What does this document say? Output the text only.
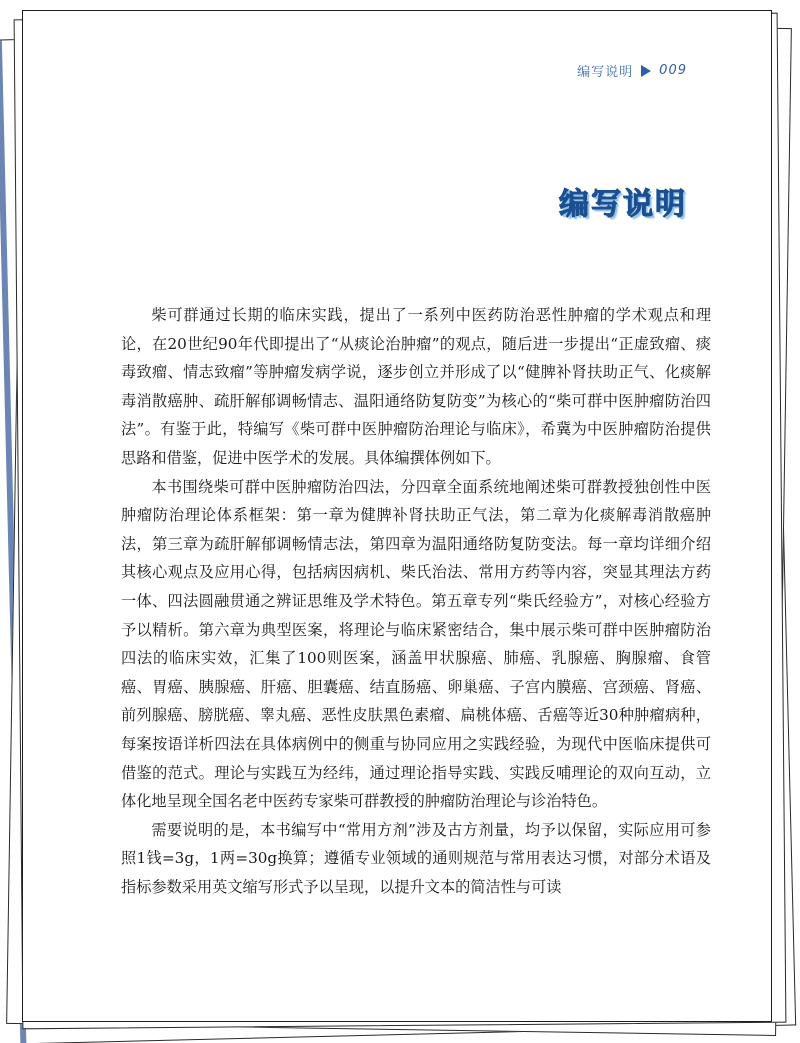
编写说明 009
编写说明

柴可群通过长期的临床实践，提出了一系列中医药防治恶性肿瘤的学术观点和理论，在20世纪90年代即提出了“从痰论治肿瘤”的观点，随后进一步提出“正虚致瘤、痰毒致瘤、情志致瘤”等肿瘤发病学说，逐步创立并形成了以“健脾补肾扶助正气、化痰解毒消散癌肿、疏肝解郁调畅情志、温阳通络防复防变”为核心的“柴可群中医肿瘤防治四法”。有鉴于此，特编写《柴可群中医肿瘤防治理论与临床》，希冀为中医肿瘤防治提供思路和借鉴，促进中医学术的发展。具体编撰体例如下。

本书围绕柴可群中医肿瘤防治四法，分四章全面系统地阐述柴可群教授独创性中医肿瘤防治理论体系框架：第一章为健脾补肾扶助正气法，第二章为化痰解毒消散癌肿法，第三章为疏肝解郁调畅情志法，第四章为温阳通络防复防变法。每一章均详细介绍其核心观点及应用心得，包括病因病机、柴氏治法、常用方药等内容，突显其理法方药一体、四法圆融贯通之辨证思维及学术特色。第五章专列“柴氏经验方”，对核心经验方予以精析。第六章为典型医案，将理论与临床紧密结合，集中展示柴可群中医肿瘤防治四法的临床实效，汇集了100则医案，涵盖甲状腺癌、肺癌、乳腺癌、胸腺瘤、食管癌、胃癌、胰腺癌、肝癌、胆囊癌、结直肠癌、卵巢癌、子宫内膜癌、宫颈癌、肾癌、前列腺癌、膀胱癌、睾丸癌、恶性皮肤黑色素瘤、扁桃体癌、舌癌等近30种肿瘤病种，每案按语详析四法在具体病例中的侧重与协同应用之实践经验，为现代中医临床提供可借鉴的范式。理论与实践互为经纬，通过理论指导实践、实践反哺理论的双向互动，立体化地呈现全国名老中医药专家柴可群教授的肿瘤防治理论与诊治特色。

需要说明的是，本书编写中“常用方剂”涉及古方剂量，均予以保留，实际应用可参照1钱=3g，1两=30g换算；遵循专业领域的通则规范与常用表达习惯，对部分术语及指标参数采用英文缩写形式予以呈现，以提升文本的简洁性与可读
